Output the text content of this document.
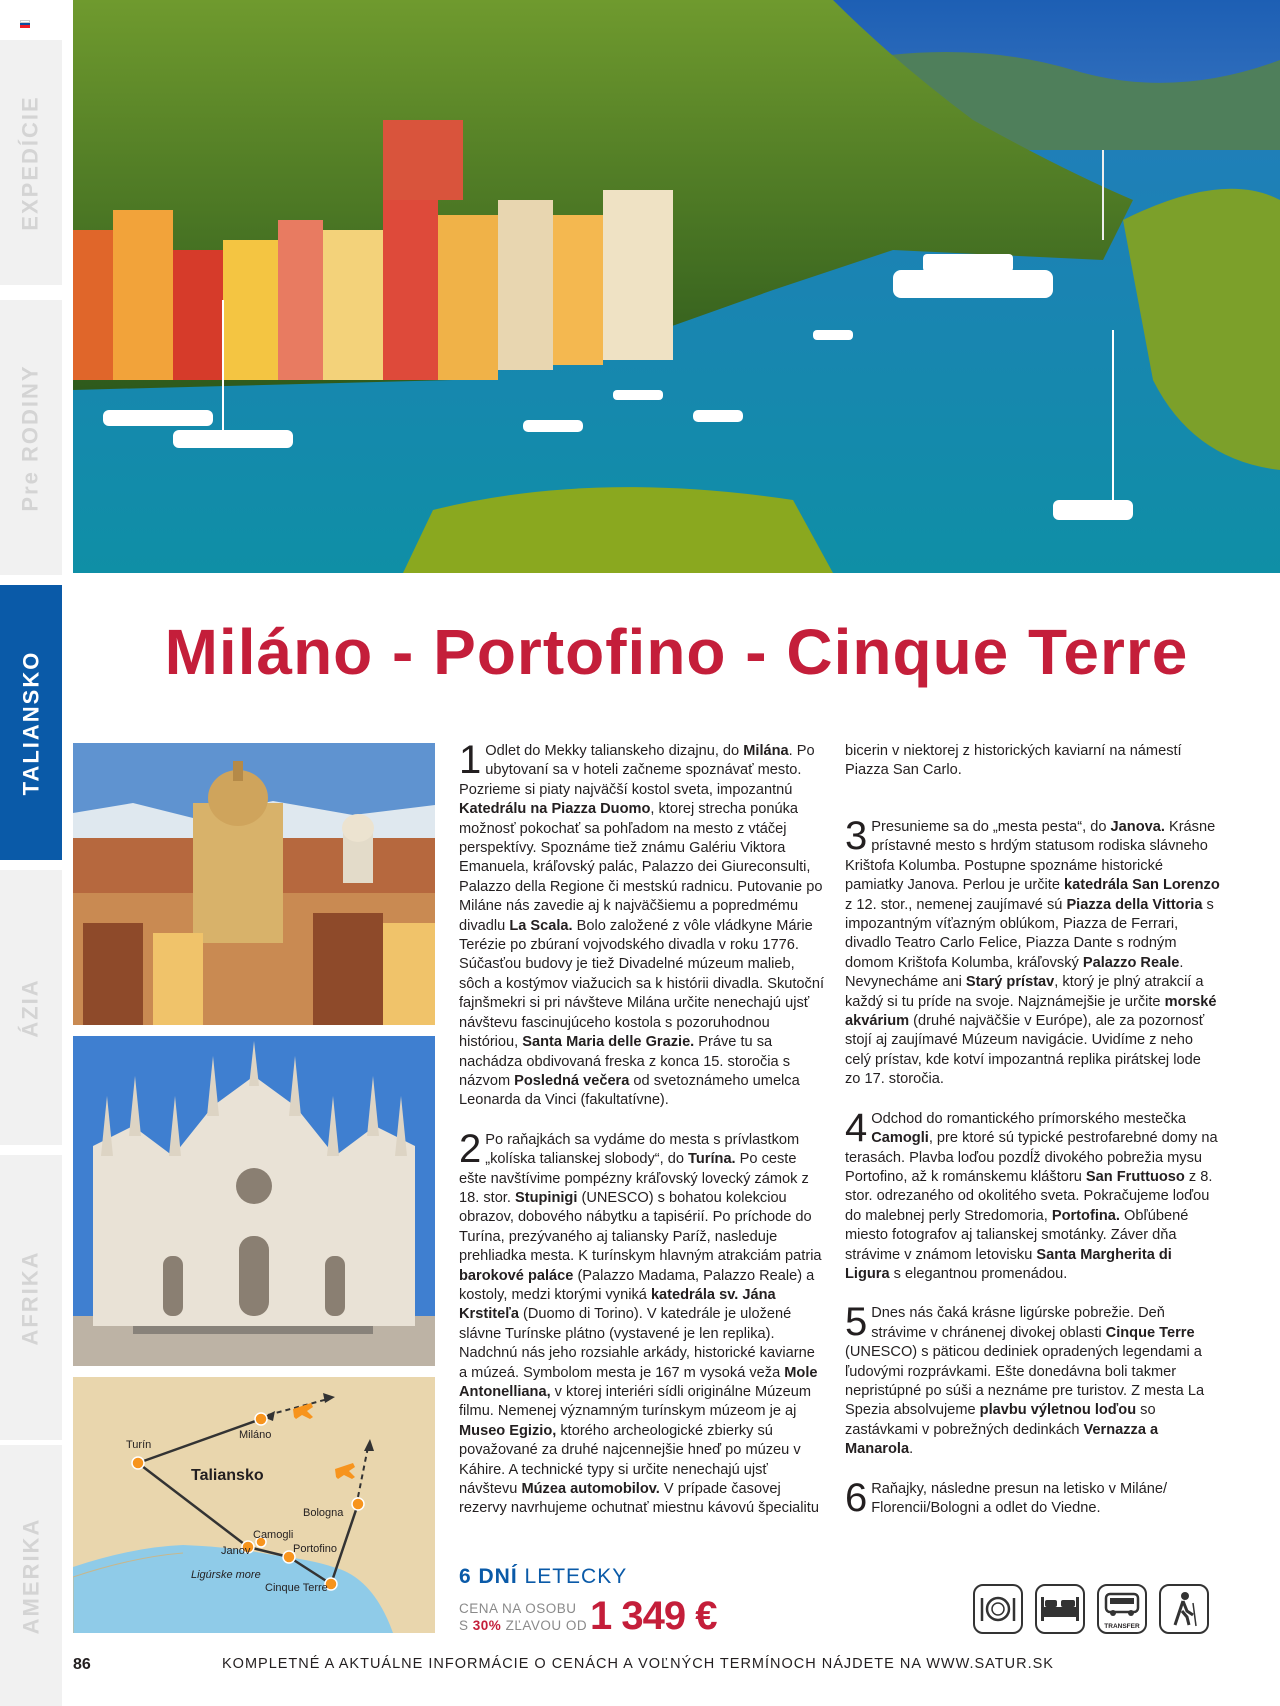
EXPEDÍCIE
Pre RODINY
TALIANSKO
ÁZIA
AFRIKA
AMERIKA
Miláno - Portofino - Cinque Terre
Turín
Miláno
Taliansko
Bologna
Camogli
Janov	Portofino
Ligúrske more
Cinque Terre

1 Odlet do Mekky talianskeho dizajnu, do Milána. Po ubytovaní sa v hoteli začneme spoznávať mesto. Pozrieme si piaty najväčší kostol sveta, impozantnú Katedrálu na Piazza Duomo, ktorej strecha ponúka možnosť pokochať sa pohľadom na mesto z vtáčej perspektívy. Spoznáme tiež známu Galériu Viktora Emanuela, kráľovský palác, Palazzo dei Giureconsulti, Palazzo della Regione či mestskú radnicu. Putovanie po Miláne nás zavedie aj k najväčšiemu a popredmému divadlu La Scala. Bolo založené z vôle vládkyne Márie Terézie po zbúraní vojvodského divadla v roku 1776. Súčasťou budovy je tiež Divadelné múzeum malieb, sôch a kostýmov viažucich sa k histórii divadla. Skutoční fajnšmekri si pri návšteve Milána určite nenechajú ujsť návštevu fascinujúceho kostola s pozoruhodnou históriou, Santa Maria delle Grazie. Práve tu sa nachádza obdivovaná freska z konca 15. storočia s názvom Posledná večera od svetoznámeho umelca Leonarda da Vinci (fakultatívne).

2 Po raňajkách sa vydáme do mesta s prívlastkom „kolíska talianskej slobody“, do Turína. Po ceste ešte navštívime pompézny kráľovský lovecký zámok z 18. stor. Stupinigi (UNESCO) s bohatou kolekciou obrazov, dobového nábytku a tapisérií. Po príchode do Turína, prezývaného aj taliansky Paríž, nasleduje prehliadka mesta. K turínskym hlavným atrakciám patria barokové paláce (Palazzo Madama, Palazzo Reale) a kostoly, medzi ktorými vyniká katedrála sv. Jána Krstiteľa (Duomo di Torino). V katedrále je uložené slávne Turínske plátno (vystavené je len replika). Nadchnú nás jeho rozsiahle arkády, historické kaviarne a múzeá. Symbolom mesta je 167 m vysoká veža Mole Antonelliana, v ktorej interiéri sídli originálne Múzeum filmu. Nemenej významným turínskym múzeom je aj Museo Egizio, ktorého archeologické zbierky sú považované za druhé najcennejšie hneď po múzeu v Káhire. A technické typy si určite nenechajú ujsť návštevu Múzea automobilov. V prípade časovej rezervy navrhujeme ochutnať miestnu kávovú špecialitu

bicerin v niektorej z historických kaviarní na námestí Piazza San Carlo.

3 Presunieme sa do „mesta pesta“, do Janova. Krásne prístavné mesto s hrdým statusom rodiska slávneho Krištofa Kolumba. Postupne spoznáme historické pamiatky Janova. Perlou je určite katedrála San Lorenzo z 12. stor., nemenej zaujímavé sú Piazza della Vittoria s impozantným víťazným oblúkom, Piazza de Ferrari, divadlo Teatro Carlo Felice, Piazza Dante s rodným domom Krištofa Kolumba, kráľovský Palazzo Reale. Nevynecháme ani Starý prístav, ktorý je plný atrakcií a každý si tu príde na svoje. Najznámejšie je určite morské akvárium (druhé najväčšie v Európe), ale za pozornosť stojí aj zaujímavé Múzeum navigácie. Uvidíme z neho celý prístav, kde kotví impozantná replika pirátskej lode zo 17. storočia.

4 Odchod do romantického prímorského mestečka Camogli, pre ktoré sú typické pestrofarebné domy na terasách. Plavba loďou pozdĺž divokého pobrežia mysu Portofino, až k románskemu kláštoru San Fruttuoso z 8. stor. odrezaného od okolitého sveta. Pokračujeme loďou do malebnej perly Stredomoria, Portofina. Obľúbené miesto fotografov aj talianskej smotánky. Záver dňa strávime v známom letovisku Santa Margherita di Ligura s elegantnou promenádou.

5 Dnes nás čaká krásne ligúrske pobrežie. Deň strávime v chránenej divokej oblasti Cinque Terre (UNESCO) s päticou dediniek opradených legendami a ľudovými rozprávkami. Ešte donedávna boli takmer nepristúpné po súši a neznáme pre turistov. Z mesta La Spezia absolvujeme plavbu výletnou loďou so zastávkami v pobrežných dedinkách Vernazza a Manarola.

6 Raňajky, následne presun na letisko v Miláne/ Florencii/Bologni a odlet do Viedne.

6 DNÍ LETECKY
CENA NA OSOBU
S 30% ZĽAVOU OD 1 349 €	TRANSFER
86	KOMPLETNÉ A AKTUÁLNE INFORMÁCIE O CENÁCH A VOĽNÝCH TERMÍNOCH NÁJDETE NA WWW.SATUR.SK
